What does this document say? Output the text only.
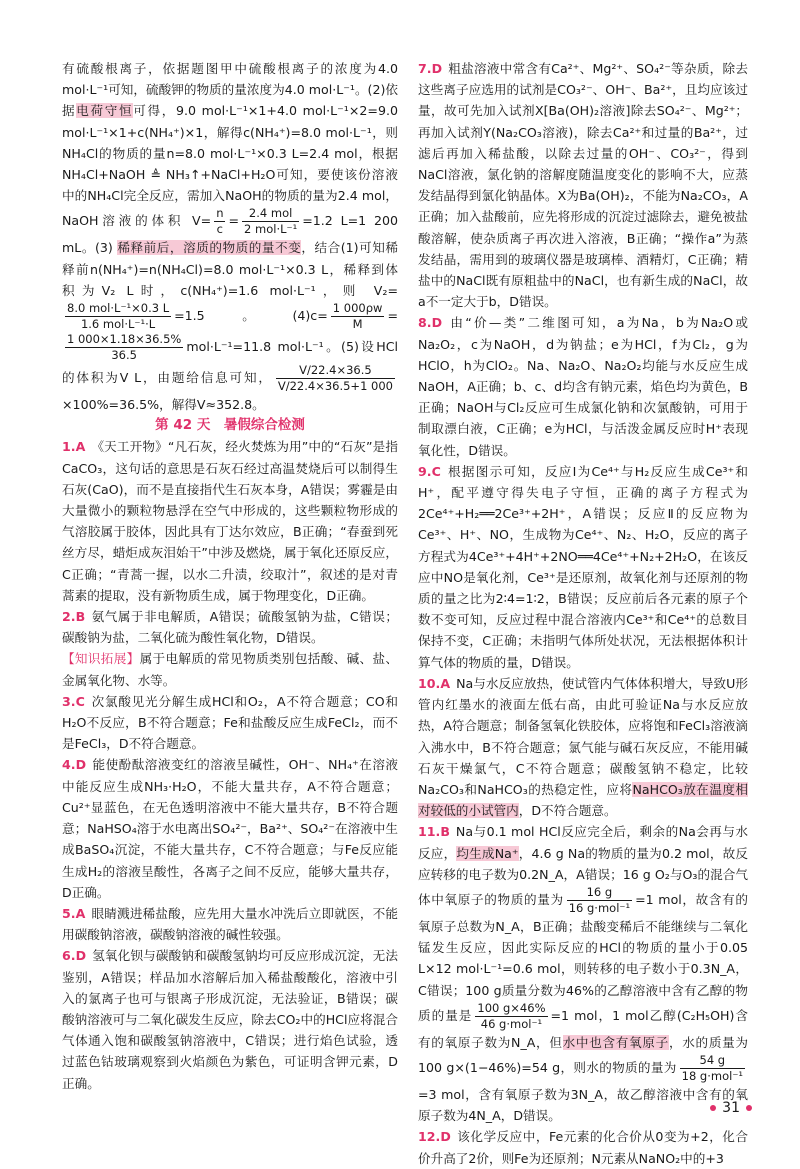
有硫酸根离子，依据题图甲中硫酸根离子的浓度为4.0 mol·L⁻¹可知，硫酸钾的物质的量浓度为4.0 mol·L⁻¹。(2)依据电荷守恒可得，9.0 mol·L⁻¹×1+4.0 mol·L⁻¹×2=9.0 mol·L⁻¹×1+c(NH₄⁺)×1，解得c(NH₄⁺)=8.0 mol·L⁻¹，则NH₄Cl的物质的量n=8.0 mol·L⁻¹×0.3 L=2.4 mol，根据NH₄Cl+NaOH ≜ NH₃↑+NaCl+H₂O可知，要使该份溶液中的NH₄Cl完全反应，需加入NaOH的物质的量为2.4 mol，NaOH溶液的体积 $V= \frac{n}{c} = \frac{\text{2.4 mol}}{\text{2 mol·L⁻¹}} =1.2$ L=1 200 mL。(3) 稀释前后，溶质的物质的量不变，结合(1)可知稀释前n(NH₄⁺)=n(NH₄Cl)=8.0 mol·L⁻¹×0.3 L，稀释到体积为V₂ L时，c(NH₄⁺)=1.6 mol·L⁻¹，则 V₂=
$\frac{\text{8.0 mol·L⁻¹×0.3 L}}{\text{1.6 mol·L⁻¹·L}} =1.5$。$(4)c= \frac{1 000\rho w}{M}$ =
$\frac{1 000\times 1.18\times 36.5\%}{36.5} mol\cdot L^{-1}=11.8$ mol·L⁻¹。(5)设HCl的体积为V L，由题给信息可知， $\frac{V/22.4\times 36.5}{V/22.4\times 36.5+1 000}$
×100%=36.5%，解得V≈352.8。

第 42 天　暑假综合检测

1.A 《天工开物》“凡石灰，经火焚炼为用”中的“石灰”是指CaCO₃，这句话的意思是石灰石经过高温焚烧后可以制得生石灰(CaO)，而不是直接指代生石灰本身，A错误；雾霾是由大量微小的颗粒物悬浮在空气中形成的，这些颗粒物形成的气溶胶属于胶体，因此具有丁达尔效应，B正确；“春蚕到死丝方尽，蜡炬成灰泪始干”中涉及燃烧，属于氧化还原反应，C正确；“青蒿一握，以水二升渍，绞取汁”，叙述的是对青蒿素的提取，没有新物质生成，属于物理变化，D正确。

2.B 氨气属于非电解质，A错误；硫酸氢钠为盐，C错误；碳酸钠为盐，二氧化硫为酸性氧化物，D错误。

【知识拓展】属于电解质的常见物质类别包括酸、碱、盐、金属氧化物、水等。

3.C 次氯酸见光分解生成HCl和O₂，A不符合题意；CO和H₂O不反应，B不符合题意；Fe和盐酸反应生成FeCl₂，而不是FeCl₃，D不符合题意。

4.D 能使酚酞溶液变红的溶液呈碱性，OH⁻、NH₄⁺在溶液中能反应生成NH₃·H₂O，不能大量共存，A不符合题意；Cu²⁺显蓝色，在无色透明溶液中不能大量共存，B不符合题意；NaHSO₄溶于水电离出SO₄²⁻，Ba²⁺、SO₄²⁻在溶液中生成BaSO₄沉淀，不能大量共存，C不符合题意；与Fe反应能生成H₂的溶液呈酸性，各离子之间不反应，能够大量共存，D正确。

5.A 眼睛溅进稀盐酸，应先用大量水冲洗后立即就医，不能用碳酸钠溶液，碳酸钠溶液的碱性较强。

6.D 氢氧化钡与碳酸钠和碳酸氢钠均可反应形成沉淀，无法鉴别，A错误；样品加水溶解后加入稀盐酸酸化，溶液中引入的氯离子也可与银离子形成沉淀，无法验证，B错误；碳酸钠溶液可与二氧化碳发生反应，除去CO₂中的HCl应将混合气体通入饱和碳酸氢钠溶液中，C错误；进行焰色试验，透过蓝色钴玻璃观察到火焰颜色为紫色，可证明含钾元素，D正确。

7.D 粗盐溶液中常含有Ca²⁺、Mg²⁺、SO₄²⁻等杂质，除去这些离子应选用的试剂是CO₃²⁻、OH⁻、Ba²⁺，且均应该过量，故可先加入试剂X[Ba(OH)₂溶液]除去SO₄²⁻、Mg²⁺；再加入试剂Y(Na₂CO₃溶液)，除去Ca²⁺和过量的Ba²⁺，过滤后再加入稀盐酸，以除去过量的OH⁻、CO₃²⁻，得到NaCl溶液，氯化钠的溶解度随温度变化的影响不大，应蒸发结晶得到氯化钠晶体。X为Ba(OH)₂，不能为Na₂CO₃，A正确；加入盐酸前，应先将形成的沉淀过滤除去，避免被盐酸溶解，使杂质离子再次进入溶液，B正确；“操作a”为蒸发结晶，需用到的玻璃仪器是玻璃棒、酒精灯，C正确；精盐中的NaCl既有原粗盐中的NaCl，也有新生成的NaCl，故a不一定大于b，D错误。

8.D 由“价—类”二维图可知，a为Na，b为Na₂O或Na₂O₂，c为NaOH，d为钠盐；e为HCl，f为Cl₂，g为HClO，h为ClO₂。Na、Na₂O、Na₂O₂均能与水反应生成NaOH，A正确；b、c、d均含有钠元素，焰色均为黄色，B正确；NaOH与Cl₂反应可生成氯化钠和次氯酸钠，可用于制取漂白液，C正确；e为HCl，与活泼金属反应时H⁺表现氧化性，D错误。

9.C 根据图示可知，反应Ⅰ为Ce⁴⁺与H₂反应生成Ce³⁺和H⁺，配平遵守得失电子守恒，正确的离子方程式为2Ce⁴⁺+H₂══2Ce³⁺+2H⁺，A错误；反应Ⅱ的反应物为Ce³⁺、H⁺、NO，生成物为Ce⁴⁺、N₂、H₂O，反应的离子方程式为4Ce³⁺+4H⁺+2NO══4Ce⁴⁺+N₂+2H₂O，在该反应中NO是氧化剂，Ce³⁺是还原剂，故氧化剂与还原剂的物质的量之比为2∶4=1∶2，B错误；反应前后各元素的原子个数不变可知，反应过程中混合溶液内Ce³⁺和Ce⁴⁺的总数目保持不变，C正确；未指明气体所处状况，无法根据体积计算气体的物质的量，D错误。

10.A Na与水反应放热，使试管内气体体积增大，导致U形管内红墨水的液面左低右高，由此可验证Na与水反应放热，A符合题意；制备氢氧化铁胶体，应将饱和FeCl₃溶液滴入沸水中，B不符合题意；氯气能与碱石灰反应，不能用碱石灰干燥氯气，C不符合题意；碳酸氢钠不稳定，比较Na₂CO₃和NaHCO₃的热稳定性，应将NaHCO₃放在温度相对较低的小试管内，D不符合题意。

11.B Na与0.1 mol HCl反应完全后，剩余的Na会再与水反应，均生成Na⁺，4.6 g Na的物质的量为0.2 mol，故反应转移的电子数为0.2N_A，A错误；16 g O₂与O₃的混合气体中氧原子的物质的量为 $\frac{16 g}{\text{16 g·mol⁻¹}} =1$ mol，故含有的氧原子总数为N_A，B正确；盐酸变稀后不能继续与二氧化锰发生反应，因此实际反应的HCl的物质的量小于0.05 L×12 mol·L⁻¹=0.6 mol，则转移的电子数小于0.3N_A，C错误；100 g质量分数为46%的乙醇溶液中含有乙醇的物质的量是 $\frac{100 g\times 46\%}{\text{46 g·mol⁻¹}} =1$ mol，1 mol乙醇(C₂H₅OH)含有的氧原子数为N_A，但水中也含有氧原子，水的质量为100 g×(1−46%)=54 g，则水的物质的量为 $\frac{54 g}{\text{18 g·mol⁻¹}}$
=3 mol，含有氧原子数为3N_A，故乙醇溶液中含有的氧原子数为4N_A，D错误。

12.D 该化学反应中，Fe元素的化合价从0变为+2，化合价升高了2价，则Fe为还原剂；N元素从NaNO₂中的+3

31
